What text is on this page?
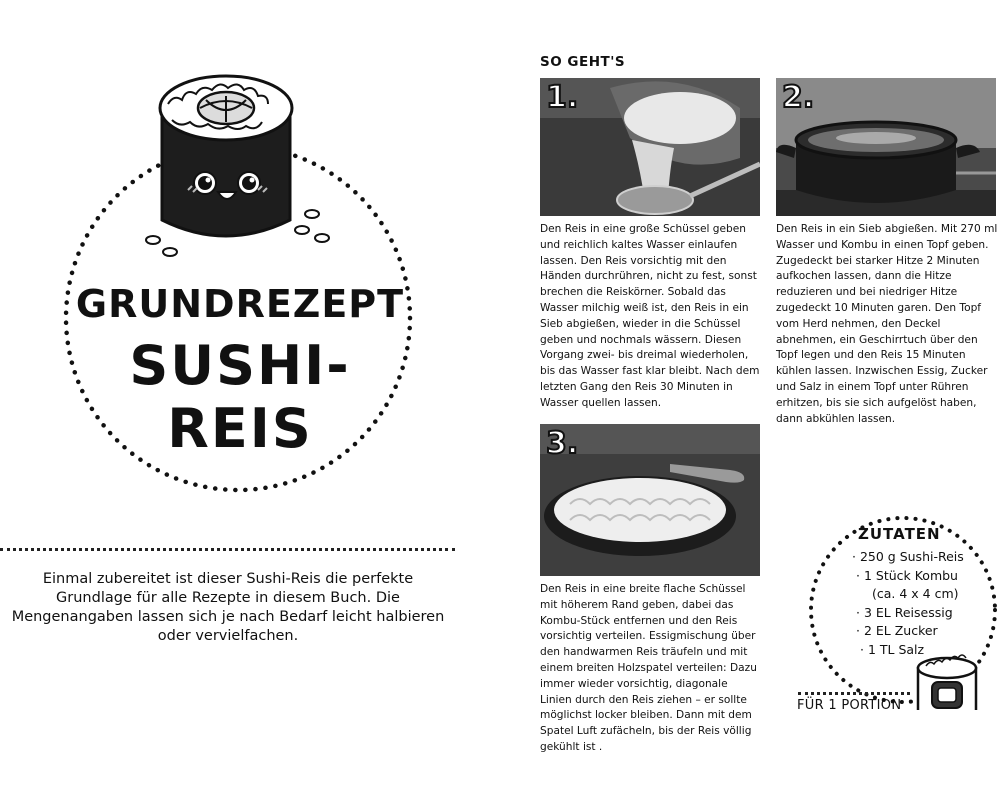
GRUNDREZEPT
SUSHI-REIS
Einmal zubereitet ist dieser Sushi-Reis die perfekte Grundlage für alle Rezepte in diesem Buch. Die Mengenangaben lassen sich je nach Bedarf leicht halbieren oder vervielfachen.
SO GEHT'S
1.	2.
Den Reis in eine große Schüssel geben und reichlich kaltes Wasser einlaufen lassen. Den Reis vorsichtig mit den Händen durchrühren, nicht zu fest, sonst brechen die Reiskörner. Sobald das Wasser milchig weiß ist, den Reis in ein Sieb abgießen, wieder in die Schüssel geben und nochmals wässern. Diesen Vorgang zwei- bis dreimal wiederholen, bis das Wasser fast klar bleibt. Nach dem letzten Gang den Reis 30 Minuten in Wasser quellen lassen.
Den Reis in ein Sieb abgießen. Mit 270 ml Wasser und Kombu in einen Topf geben. Zugedeckt bei starker Hitze 2 Minuten aufkochen lassen, dann die Hitze reduzieren und bei niedriger Hitze zugedeckt 10 Minuten garen. Den Topf vom Herd nehmen, den Deckel abnehmen, ein Geschirrtuch über den Topf legen und den Reis 15 Minuten kühlen lassen. Inzwischen Essig, Zucker und Salz in einem Topf unter Rühren erhitzen, bis sie sich aufgelöst haben, dann abkühlen lassen.
3.
Den Reis in eine breite flache Schüssel mit höherem Rand geben, dabei das Kombu-Stück entfernen und den Reis vorsichtig verteilen. Essigmischung über den handwarmen Reis träufeln und mit einem breiten Holzspatel verteilen: Dazu immer wieder vorsichtig, diagonale Linien durch den Reis ziehen – er sollte möglichst locker bleiben. Dann mit dem Spatel Luft zufächeln, bis der Reis völlig gekühlt ist .
ZUTATEN
· 250 g Sushi-Reis
· 1 Stück Kombu
(ca. 4 x 4 cm)
· 3 EL Reisessig
· 2 EL Zucker
· 1 TL Salz
FÜR 1 PORTION
